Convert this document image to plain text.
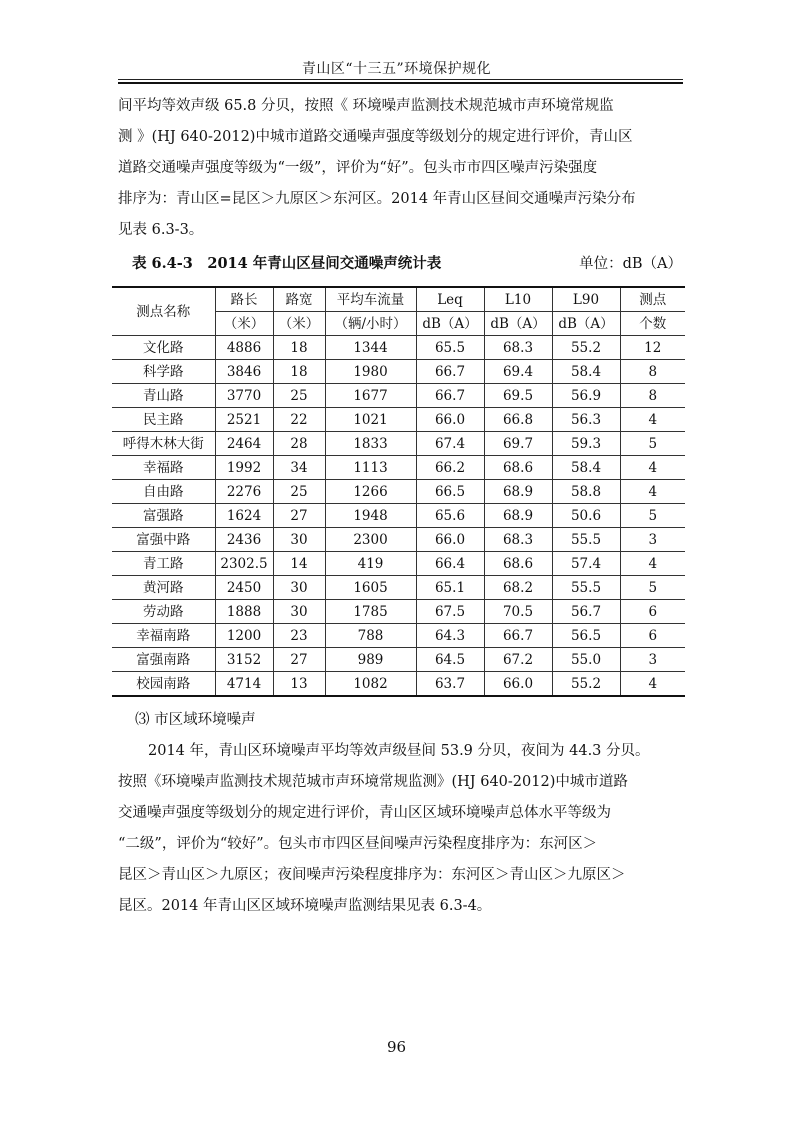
青山区“十三五”环境保护规化

间平均等效声级 65.8 分贝，按照《 环境噪声监测技术规范城市声环境常规监

测 》(HJ 640-2012)中城市道路交通噪声强度等级划分的规定进行评价，青山区

道路交通噪声强度等级为“一级”，评价为“好”。包头市市四区噪声污染强度

排序为：青山区=昆区＞九原区＞东河区。2014 年青山区昼间交通噪声污染分布

见表 6.3-3。

表 6.4-3　2014 年青山区昼间交通噪声统计表	单位：dB（A）
测点名称	路长	路宽	平均车流量	Leq	L10	L90	测点
	（米）	（米）	（辆/小时）	dB（A）	dB（A）	dB（A）	个数
文化路	4886	18	1344	65.5	68.3	55.2	12
科学路	3846	18	1980	66.7	69.4	58.4	8
青山路	3770	25	1677	66.7	69.5	56.9	8
民主路	2521	22	1021	66.0	66.8	56.3	4
呼得木林大街	2464	28	1833	67.4	69.7	59.3	5
幸福路	1992	34	1113	66.2	68.6	58.4	4
自由路	2276	25	1266	66.5	68.9	58.8	4
富强路	1624	27	1948	65.6	68.9	50.6	5
富强中路	2436	30	2300	66.0	68.3	55.5	3
青工路	2302.5	14	419	66.4	68.6	57.4	4
黄河路	2450	30	1605	65.1	68.2	55.5	5
劳动路	1888	30	1785	67.5	70.5	56.7	6
幸福南路	1200	23	788	64.3	66.7	56.5	6
富强南路	3152	27	989	64.5	67.2	55.0	3
校园南路	4714	13	1082	63.7	66.0	55.2	4
⑶ 市区域环境噪声

2014 年，青山区环境噪声平均等效声级昼间 53.9 分贝，夜间为 44.3 分贝。

按照《环境噪声监测技术规范城市声环境常规监测》(HJ 640-2012)中城市道路

交通噪声强度等级划分的规定进行评价，青山区区域环境噪声总体水平等级为

“二级”，评价为“较好”。包头市市四区昼间噪声污染程度排序为：东河区＞

昆区＞青山区＞九原区；夜间噪声污染程度排序为：东河区＞青山区＞九原区＞

昆区。2014 年青山区区域环境噪声监测结果见表 6.3-4。

96
